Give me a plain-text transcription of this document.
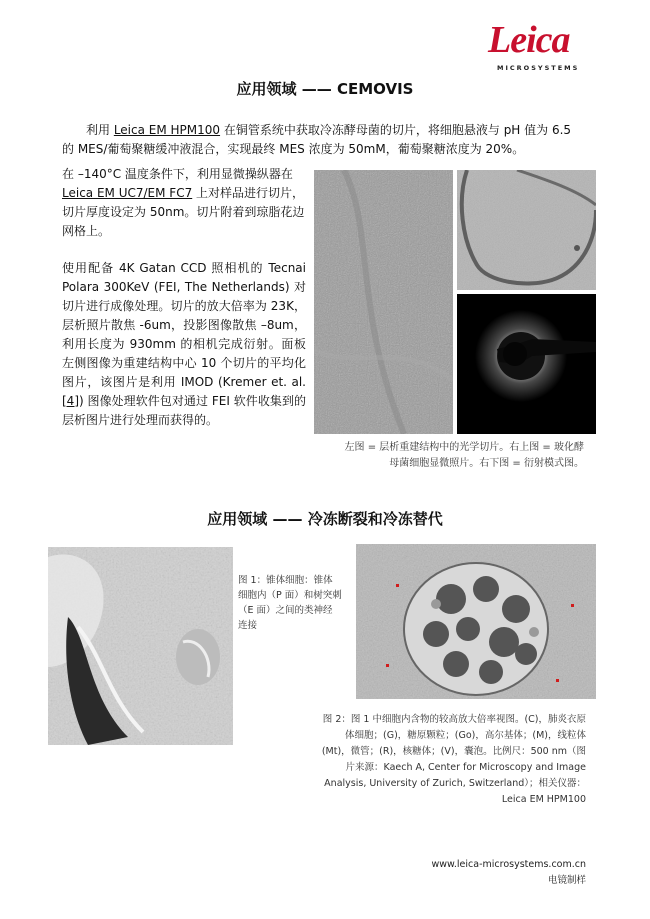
Leica
MICROSYSTEMS
应用领域 —— CEMOVIS
利用 Leica EM HPM100 在铜管系统中获取冷冻酵母菌的切片，将细胞悬液与 pH 值为 6.5 的 MES/葡萄聚糖缓冲液混合，实现最终 MES 浓度为 50mM，葡萄聚糖浓度为 20%。
在 –140°C 温度条件下，利用显微操纵器在 Leica EM UC7/EM FC7 上对样品进行切片，切片厚度设定为 50nm。切片附着到琼脂花边网格上。
使用配备 4K Gatan CCD 照相机的 Tecnai Polara 300KeV (FEI, The Netherlands) 对切片进行成像处理。切片的放大倍率为 23K，层析照片散焦 -6um，投影图像散焦 –8um，利用长度为 930mm 的相机完成衍射。面板左侧图像为重建结构中心 10 个切片的平均化图片，该图片是利用 IMOD (Kremer et. al.[4]) 图像处理软件包对通过 FEI 软件收集到的层析图片进行处理而获得的。
左图 = 层析重建结构中的光学切片。右上图 = 玻化酵母菌细胞显微照片。右下图 = 衍射模式图。
应用领域 —— 冷冻断裂和冷冻替代
图 1：锥体细胞：锥体细胞内（P 面）和树突刺（E 面）之间的类神经连接
图 2：图 1 中细胞内含物的较高放大倍率视图。(C)，肺炎衣原体细胞；(G)，糖原颗粒；(Go)，高尔基体；(M)，线粒体 (Mt)，微管；(R)，核糖体；(V)，囊泡。比例尺：500 nm（图片来源：Kaech A, Center for Microscopy and Image Analysis, University of Zurich, Switzerland）；相关仪器：Leica EM HPM100
www.leica-microsystems.com.cn
电镜制样
